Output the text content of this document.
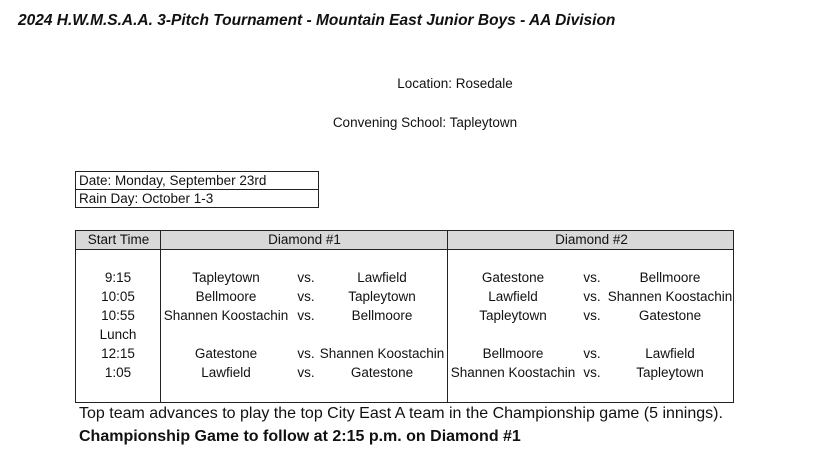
2024 H.W.M.S.A.A. 3-Pitch Tournament - Mountain East Junior Boys - AA Division
Location: Rosedale
Convening School: Tapleytown
Date: Monday, September 23rd
Rain Day: October 1-3
Start Time	Diamond #1	Diamond #2
9:15	Tapleytown	vs.	Lawfield	Gatestone	vs.	Bellmoore
10:05	Bellmoore	vs.	Tapleytown	Lawfield	vs. Shannen Koostachin
10:55	Shannen Koostachin vs.	Bellmoore	Tapleytown	vs.	Gatestone
Lunch
12:15	Gatestone	vs. Shannen Koostachin	Bellmoore	vs.	Lawfield
1:05	Lawfield	vs.	Gatestone	Shannen Koostachin vs.	Tapleytown
Top team advances to play the top City East A team in the Championship game (5 innings).
Championship Game to follow at 2:15 p.m. on Diamond #1
